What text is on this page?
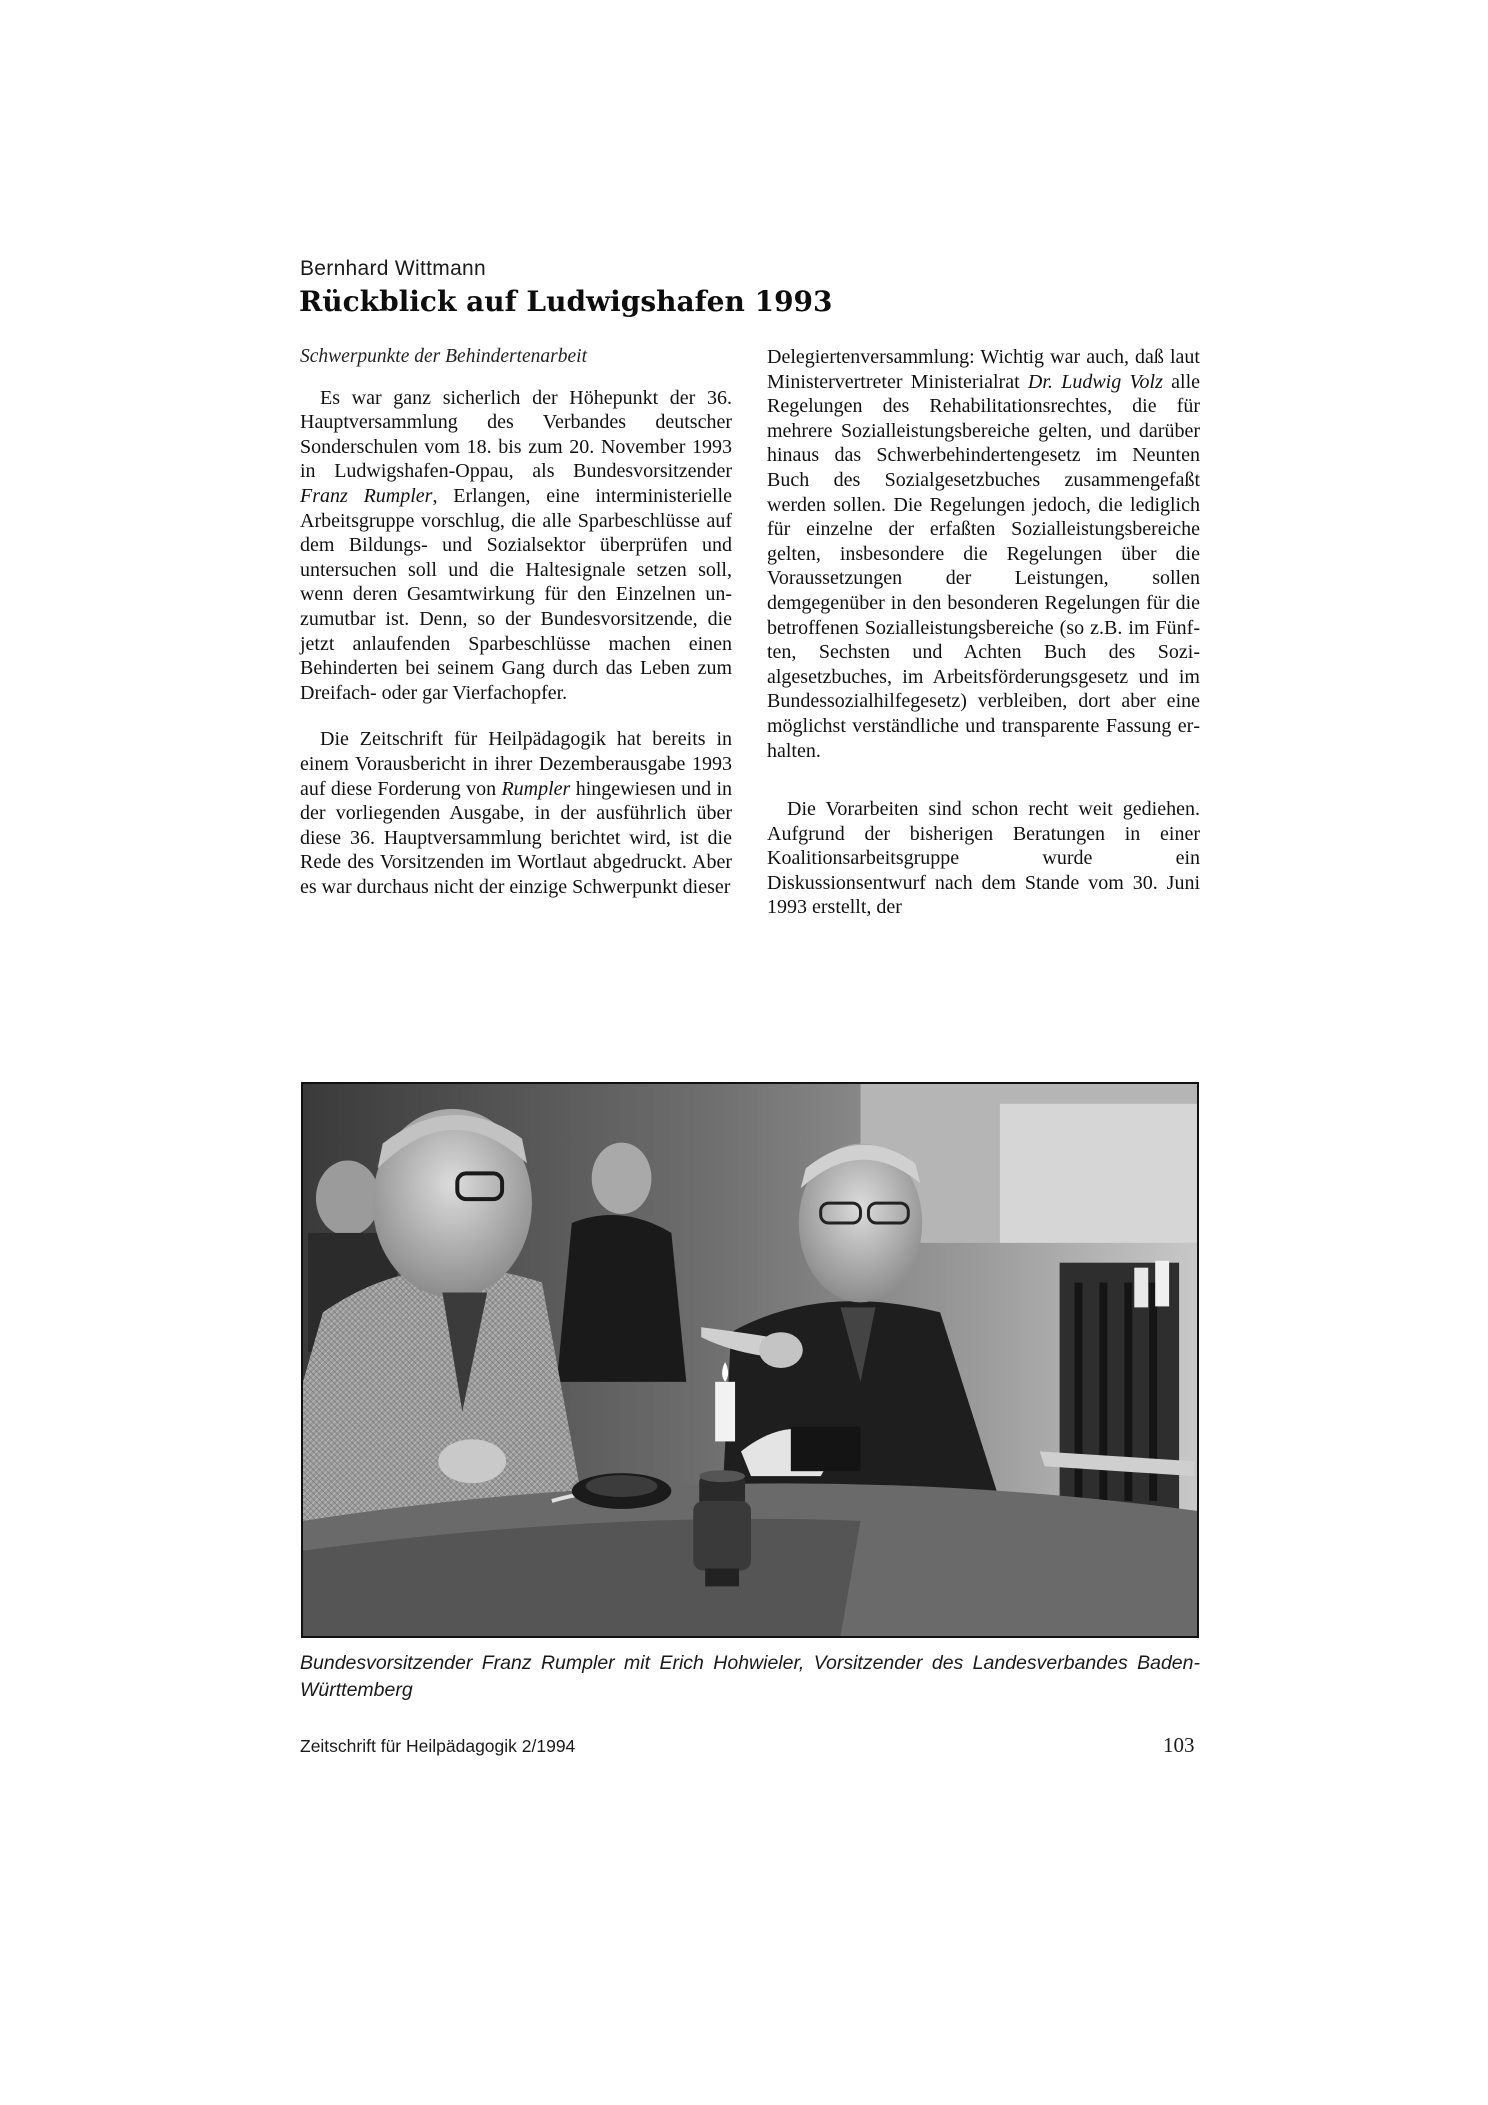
Bernhard Wittmann
Rückblick auf Ludwigshafen 1993
Schwerpunkte der Behindertenarbeit

Es war ganz sicherlich der Höhepunkt der 36. Hauptversammlung des Verbandes deutscher Sonderschulen vom 18. bis zum 20. November 1993 in Ludwigshafen-Oppau, als Bundesvorsitzender Franz Rumpler, Erlangen, eine interministerielle Arbeitsgruppe vorschlug, die alle Sparbeschlüsse auf dem Bildungs- und Sozialsektor überprüfen und untersuchen soll und die Haltesignale setzen soll, wenn deren Gesamtwirkung für den Einzelnen unzumutbar ist. Denn, so der Bundesvorsitzende, die jetzt anlaufenden Sparbeschlüsse machen einen Behinderten bei seinem Gang durch das Leben zum Dreifach- oder gar Vierfachopfer.

Die Zeitschrift für Heilpädagogik hat bereits in einem Vorausbericht in ihrer Dezemberausgabe 1993 auf diese Forderung von Rumpler hingewiesen und in der vorliegenden Ausgabe, in der ausführlich über diese 36. Hauptversammlung berichtet wird, ist die Rede des Vorsitzenden im Wortlaut abgedruckt. Aber es war durchaus nicht der einzige Schwerpunkt dieser

Delegiertenversammlung: Wichtig war auch, daß laut Ministervertreter Ministerialrat Dr. Ludwig Volz alle Regelungen des Rehabilitationsrechtes, die für mehrere Sozialleistungsbereiche gelten, und darüber hinaus das Schwerbehindertengesetz im Neunten Buch des Sozialgesetzbuches zusammengefaßt werden sollen. Die Regelungen jedoch, die lediglich für einzelne der erfaßten Sozialleistungsbereiche gelten, insbesondere die Regelungen über die Voraussetzungen der Leistungen, sollen demgegenüber in den besonderen Regelungen für die betroffenen Sozialleistungsbereiche (so z.B. im Fünften, Sechsten und Achten Buch des Sozialgesetzbuches, im Arbeitsförderungsgesetz und im Bundessozialhilfegesetz) verbleiben, dort aber eine möglichst verständliche und transparente Fassung erhalten.

Die Vorarbeiten sind schon recht weit gediehen. Aufgrund der bisherigen Beratungen in einer Koalitionsarbeitsgruppe wurde ein Diskussionsentwurf nach dem Stande vom 30. Juni 1993 erstellt, der

Bundesvorsitzender Franz Rumpler mit Erich Hohwieler, Vorsitzender des Landesverbandes Baden-Württemberg
Zeitschrift für Heilpädagogik 2/1994	103
